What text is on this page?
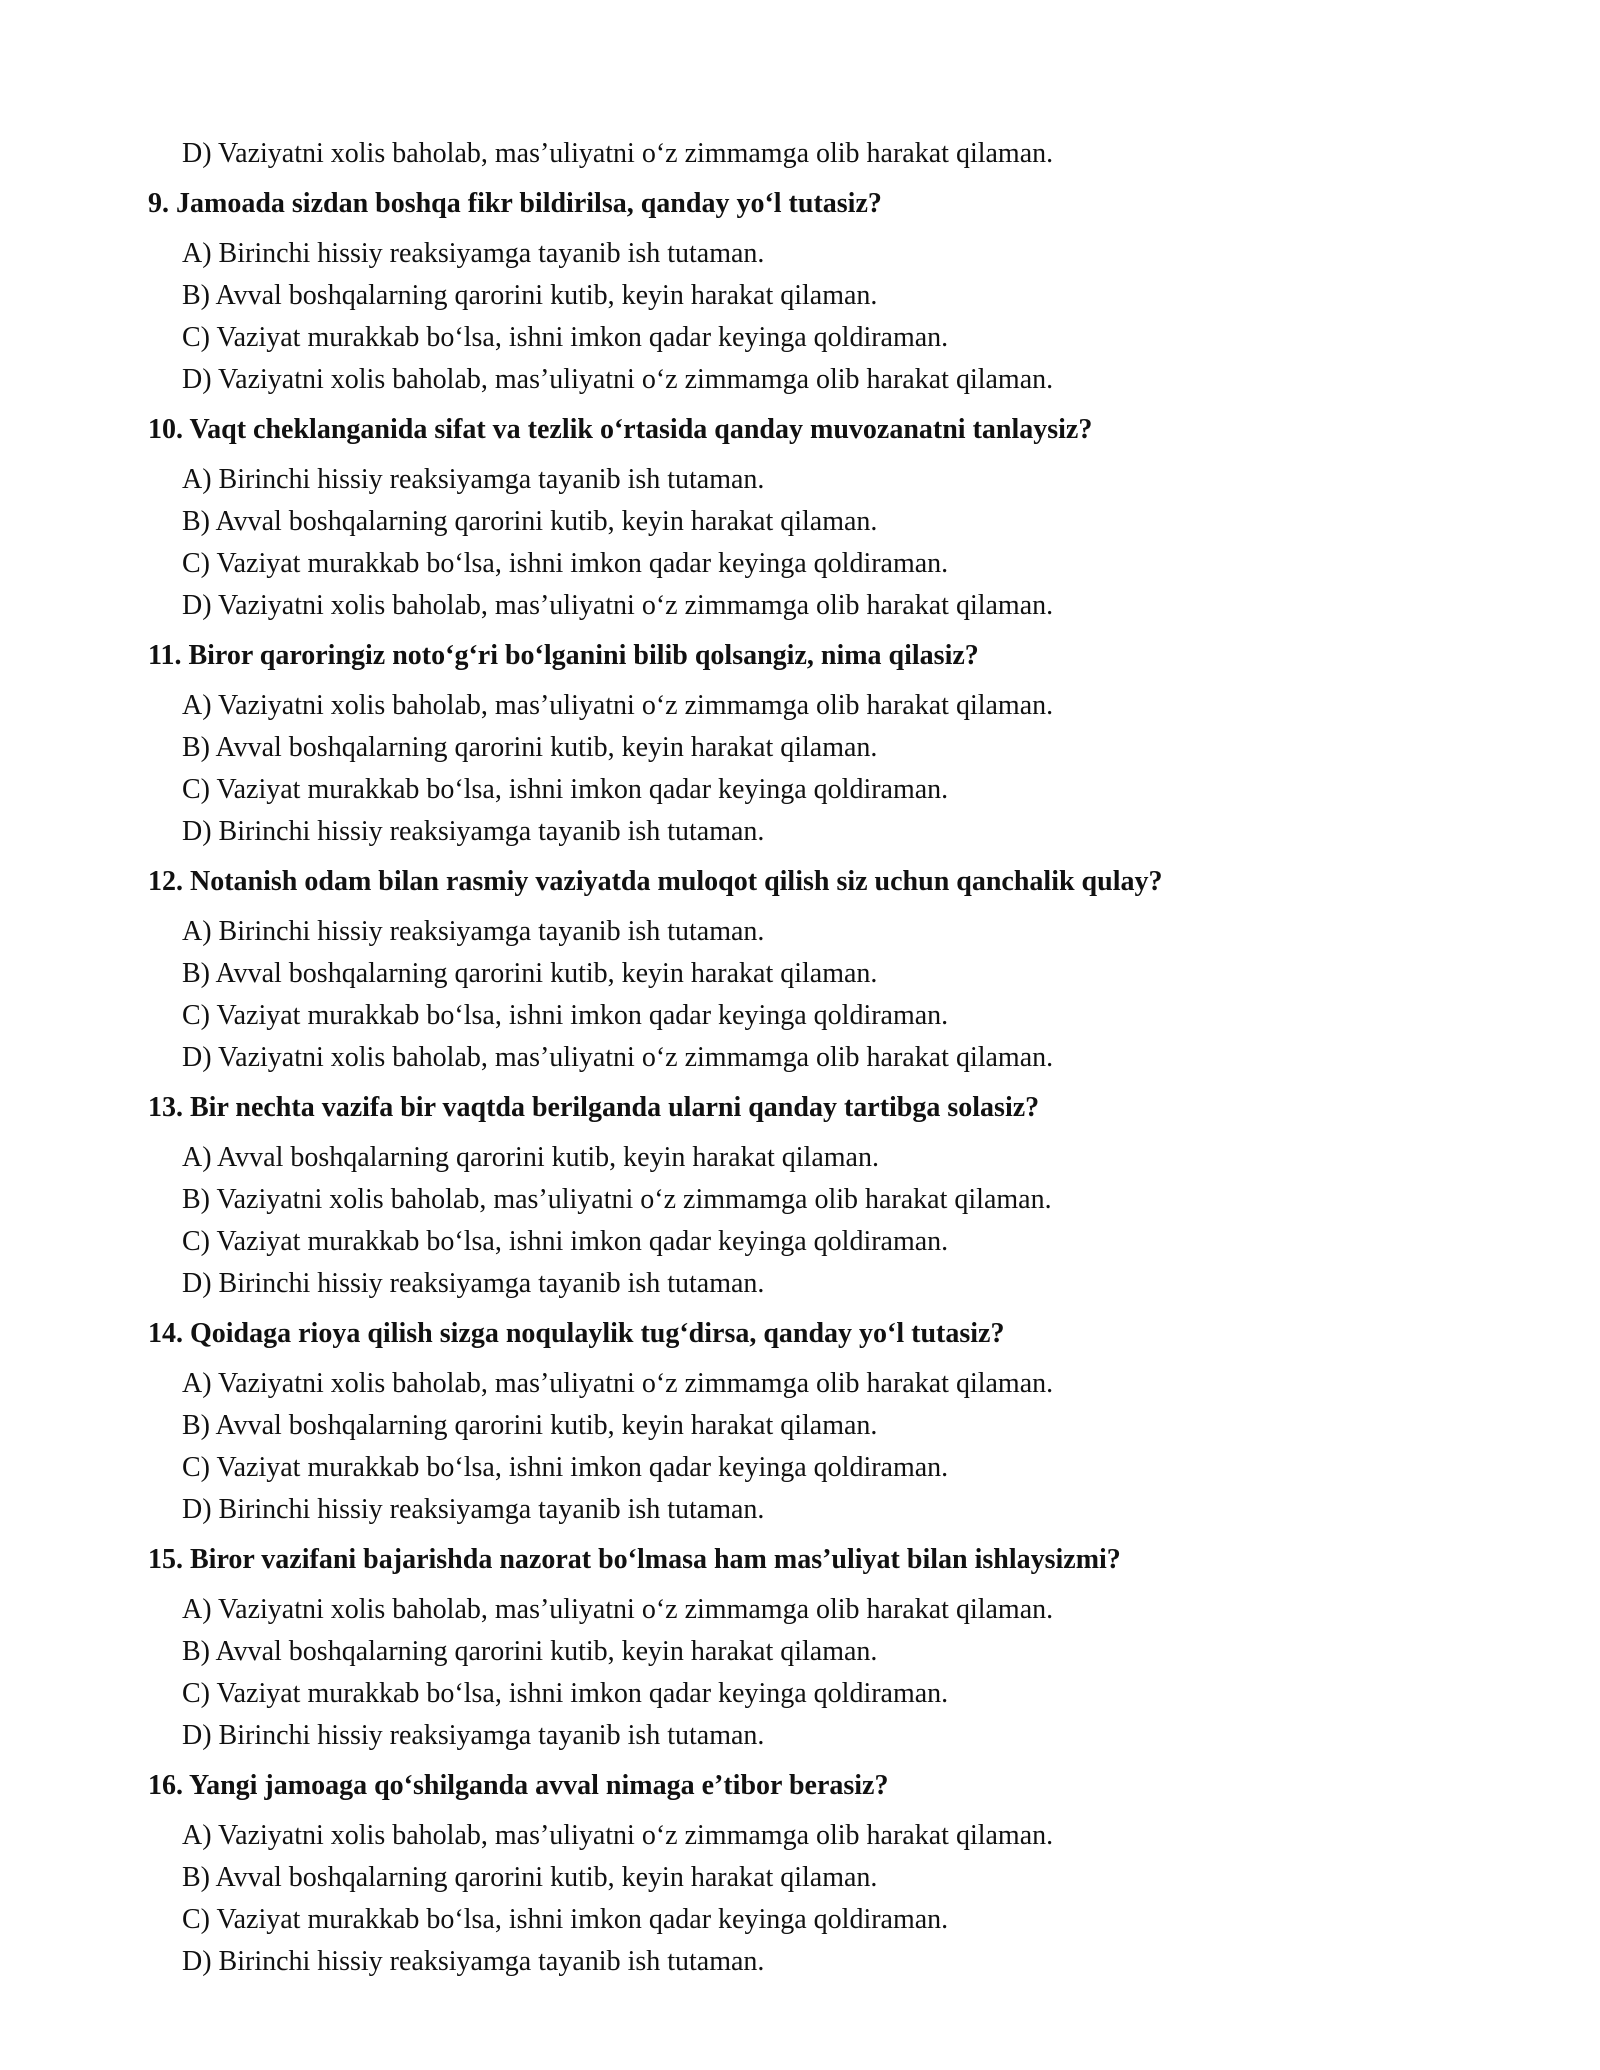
D) Vaziyatni xolis baholab, mas’uliyatni o‘z zimmamga olib harakat qilaman.
9. Jamoada sizdan boshqa fikr bildirilsa, qanday yo‘l tutasiz?
A) Birinchi hissiy reaksiyamga tayanib ish tutaman.
B) Avval boshqalarning qarorini kutib, keyin harakat qilaman.
C) Vaziyat murakkab bo‘lsa, ishni imkon qadar keyinga qoldiraman.
D) Vaziyatni xolis baholab, mas’uliyatni o‘z zimmamga olib harakat qilaman.
10. Vaqt cheklanganida sifat va tezlik o‘rtasida qanday muvozanatni tanlaysiz?
A) Birinchi hissiy reaksiyamga tayanib ish tutaman.
B) Avval boshqalarning qarorini kutib, keyin harakat qilaman.
C) Vaziyat murakkab bo‘lsa, ishni imkon qadar keyinga qoldiraman.
D) Vaziyatni xolis baholab, mas’uliyatni o‘z zimmamga olib harakat qilaman.
11. Biror qaroringiz noto‘g‘ri bo‘lganini bilib qolsangiz, nima qilasiz?
A) Vaziyatni xolis baholab, mas’uliyatni o‘z zimmamga olib harakat qilaman.
B) Avval boshqalarning qarorini kutib, keyin harakat qilaman.
C) Vaziyat murakkab bo‘lsa, ishni imkon qadar keyinga qoldiraman.
D) Birinchi hissiy reaksiyamga tayanib ish tutaman.
12. Notanish odam bilan rasmiy vaziyatda muloqot qilish siz uchun qanchalik qulay?
A) Birinchi hissiy reaksiyamga tayanib ish tutaman.
B) Avval boshqalarning qarorini kutib, keyin harakat qilaman.
C) Vaziyat murakkab bo‘lsa, ishni imkon qadar keyinga qoldiraman.
D) Vaziyatni xolis baholab, mas’uliyatni o‘z zimmamga olib harakat qilaman.
13. Bir nechta vazifa bir vaqtda berilganda ularni qanday tartibga solasiz?
A) Avval boshqalarning qarorini kutib, keyin harakat qilaman.
B) Vaziyatni xolis baholab, mas’uliyatni o‘z zimmamga olib harakat qilaman.
C) Vaziyat murakkab bo‘lsa, ishni imkon qadar keyinga qoldiraman.
D) Birinchi hissiy reaksiyamga tayanib ish tutaman.
14. Qoidaga rioya qilish sizga noqulaylik tug‘dirsa, qanday yo‘l tutasiz?
A) Vaziyatni xolis baholab, mas’uliyatni o‘z zimmamga olib harakat qilaman.
B) Avval boshqalarning qarorini kutib, keyin harakat qilaman.
C) Vaziyat murakkab bo‘lsa, ishni imkon qadar keyinga qoldiraman.
D) Birinchi hissiy reaksiyamga tayanib ish tutaman.
15. Biror vazifani bajarishda nazorat bo‘lmasa ham mas’uliyat bilan ishlaysizmi?
A) Vaziyatni xolis baholab, mas’uliyatni o‘z zimmamga olib harakat qilaman.
B) Avval boshqalarning qarorini kutib, keyin harakat qilaman.
C) Vaziyat murakkab bo‘lsa, ishni imkon qadar keyinga qoldiraman.
D) Birinchi hissiy reaksiyamga tayanib ish tutaman.
16. Yangi jamoaga qo‘shilganda avval nimaga e’tibor berasiz?
A) Vaziyatni xolis baholab, mas’uliyatni o‘z zimmamga olib harakat qilaman.
B) Avval boshqalarning qarorini kutib, keyin harakat qilaman.
C) Vaziyat murakkab bo‘lsa, ishni imkon qadar keyinga qoldiraman.
D) Birinchi hissiy reaksiyamga tayanib ish tutaman.
